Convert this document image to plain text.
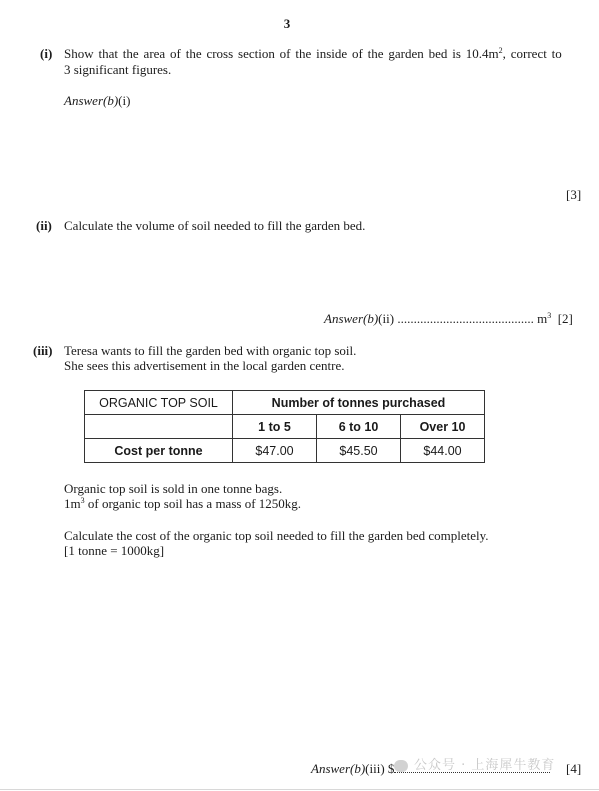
3
(i) Show that the area of the cross section of the inside of the garden bed is $10.4m^2$, correct to
3 significant figures.
Answer(b)(i)
[3]
(ii) Calculate the volume of soil needed to fill the garden bed.
Answer(b)(ii) .......................................... $m^3$ [2]
(iii) Teresa wants to fill the garden bed with organic top soil.
She sees this advertisement in the local garden centre.
ORGANIC TOP SOIL	Number of tonnes purchased		
	1 to 5	6 to 10	Over 10
Cost per tonne	$47.00	$45.50	$44.00
Organic top soil is sold in one tonne bags.
$1m^3$ of organic top soil has a mass of 1250kg.
Calculate the cost of the organic top soil needed to fill the garden bed completely.
[1 tonne = 1000kg]
Answer(b)(iii) $	[4]
公众号 · 上海犀牛教育
